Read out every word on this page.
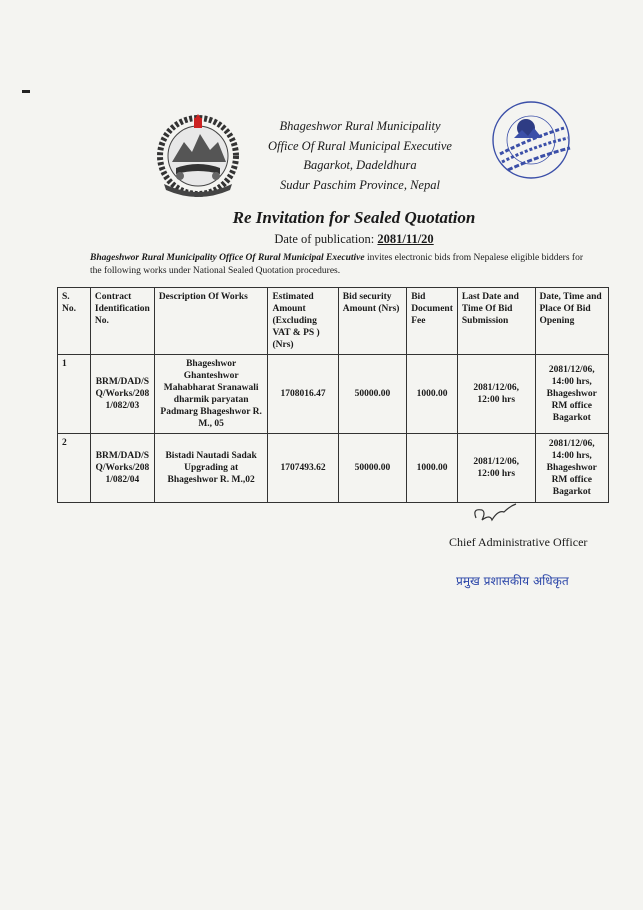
Bhageshwor Rural Municipality
Office Of Rural Municipal Executive
Bagarkot, Dadeldhura
Sudur Paschim Province, Nepal
Re Invitation for Sealed Quotation
Date of publication: 2081/11/20
Bhageshwor Rural Municipality Office Of Rural Municipal Executive invites electronic bids from Nepalese eligible bidders for the following works under National Sealed Quotation procedures.
S. No.	Contract Identification No.	Description Of Works	Estimated Amount (Excluding VAT & PS ) (Nrs)	Bid security Amount (Nrs)	Bid Document Fee	Last Date and Time Of Bid Submission	Date, Time and Place Of Bid Opening
1	BRM/DAD/SQ/Works/2081/082/03	Bhageshwor Ghanteshwor Mahabharat Sranawali dharmik paryatan Padmarg Bhageshwor R. M., 05	1708016.47	50000.00	1000.00	2081/12/06, 12:00 hrs	2081/12/06, 14:00 hrs, Bhageshwor RM office Bagarkot
2	BRM/DAD/SQ/Works/2081/082/04	Bistadi Nautadi Sadak Upgrading at Bhageshwor R. M.,02	1707493.62	50000.00	1000.00	2081/12/06, 12:00 hrs	2081/12/06, 14:00 hrs, Bhageshwor RM office Bagarkot
Chief Administrative Officer
प्रमुख प्रशासकीय अधिकृत
